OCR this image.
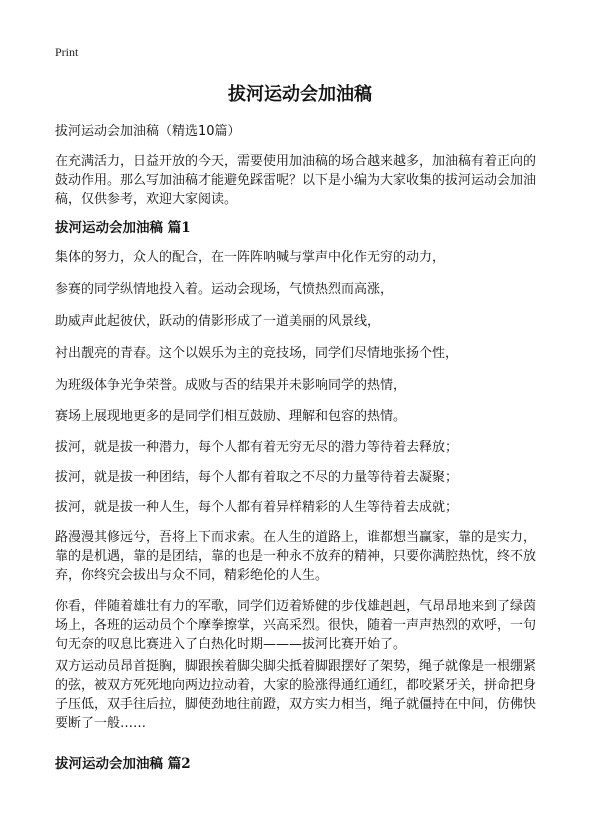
Print
拔河运动会加油稿

拔河运动会加油稿（精选10篇）

在充满活力，日益开放的今天，需要使用加油稿的场合越来越多，加油稿有着正向的鼓动作用。那么写加油稿才能避免踩雷呢？以下是小编为大家收集的拔河运动会加油稿，仅供参考，欢迎大家阅读。

拔河运动会加油稿 篇1

集体的努力，众人的配合，在一阵阵呐喊与掌声中化作无穷的动力，

参赛的同学纵情地投入着。运动会现场，气愤热烈而高涨，

助威声此起彼伏，跃动的倩影形成了一道美丽的风景线，

衬出靓亮的青春。这个以娱乐为主的竞技场，同学们尽情地张扬个性，

为班级体争光争荣誉。成败与否的结果并未影响同学的热情，

赛场上展现地更多的是同学们相互鼓励、理解和包容的热情。

拔河，就是拔一种潜力，每个人都有着无穷无尽的潜力等待着去释放；

拔河，就是拔一种团结，每个人都有着取之不尽的力量等待着去凝聚；

拔河，就是拔一种人生，每个人都有着异样精彩的人生等待着去成就；

路漫漫其修远兮，吾将上下而求索。在人生的道路上，谁都想当赢家，靠的是实力，靠的是机遇，靠的是团结，靠的也是一种永不放弃的精神，只要你满腔热忱，终不放弃，你终究会拔出与众不同，精彩绝伦的人生。

你看，伴随着雄壮有力的军歌，同学们迈着矫健的步伐雄赳赳，气昂昂地来到了绿茵场上，各班的运动员个个摩拳擦掌，兴高采烈。很快，随着一声声热烈的欢呼，一句句无奈的叹息比赛进入了白热化时期———拔河比赛开始了。

双方运动员昂首挺胸，脚跟挨着脚尖脚尖抵着脚跟摆好了架势，绳子就像是一根绷紧的弦，被双方死死地向两边拉动着，大家的脸涨得通红通红，都咬紧牙关，拼命把身子压低，双手往后拉，脚使劲地往前蹬，双方实力相当，绳子就僵持在中间，仿佛快要断了一般……

拔河运动会加油稿 篇2
